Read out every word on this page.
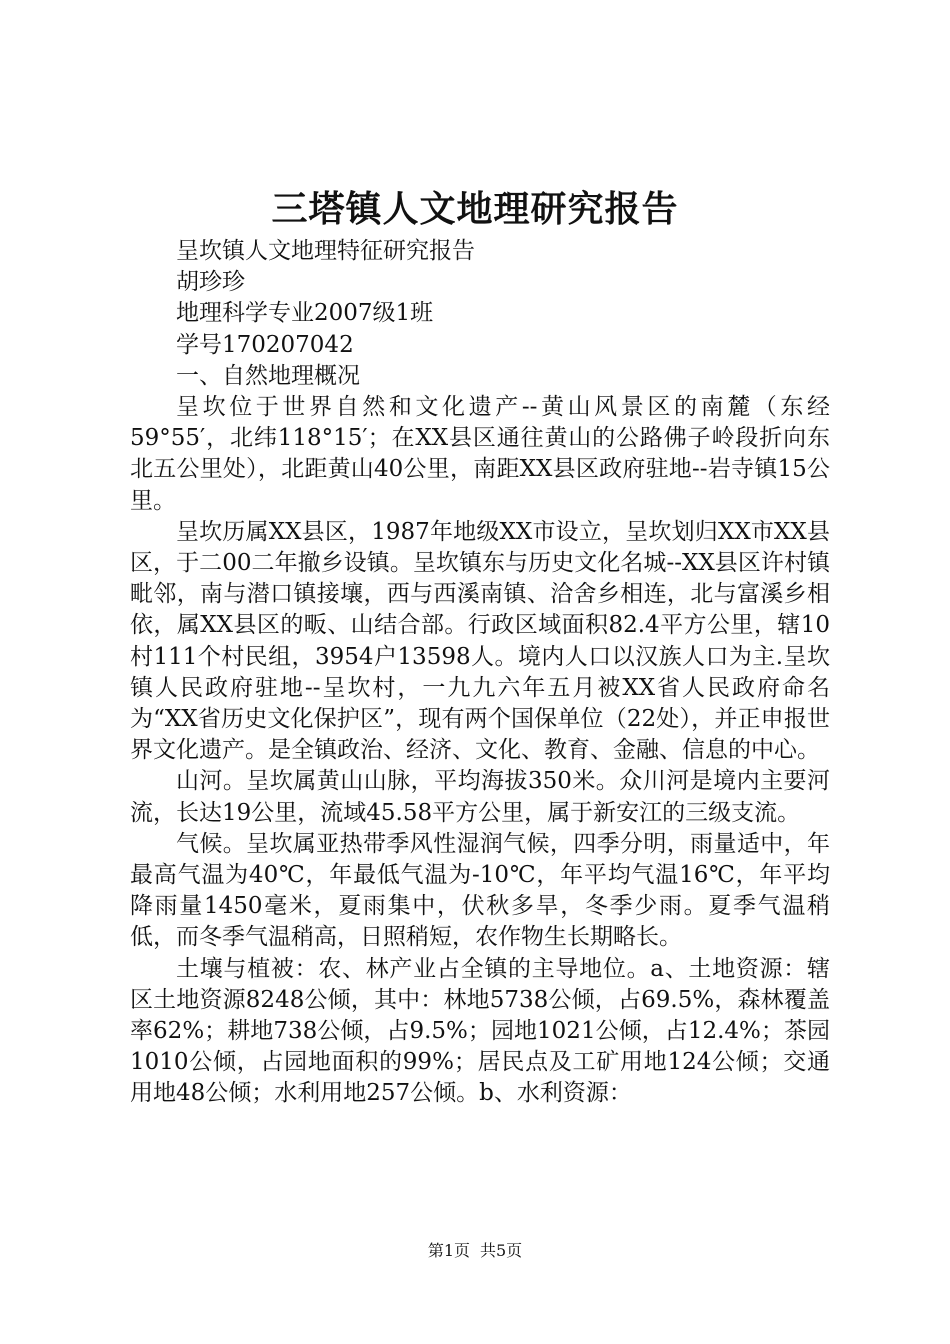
三塔镇人文地理研究报告

呈坎镇人文地理特征研究报告

胡珍珍

地理科学专业2007级1班

学号170207042

一、自然地理概况

呈坎位于世界自然和文化遗产--黄山风景区的南麓（东经59°55′，北纬118°15′；在XX县区通往黄山的公路佛子岭段折向东北五公里处），北距黄山40公里，南距XX县区政府驻地--岩寺镇15公里。

呈坎历属XX县区，1987年地级XX市设立，呈坎划归XX市XX县区，于二00二年撤乡设镇。呈坎镇东与历史文化名城--XX县区许村镇毗邻，南与潜口镇接壤，西与西溪南镇、洽舍乡相连，北与富溪乡相依，属XX县区的畈、山结合部。行政区域面积82.4平方公里，辖10村111个村民组，3954户13598人。境内人口以汉族人口为主.呈坎镇人民政府驻地--呈坎村，一九九六年五月被XX省人民政府命名为“XX省历史文化保护区”，现有两个国保单位（22处），并正申报世界文化遗产。是全镇政治、经济、文化、教育、金融、信息的中心。

山河。呈坎属黄山山脉，平均海拔350米。众川河是境内主要河流，长达19公里，流域45.58平方公里，属于新安江的三级支流。

气候。呈坎属亚热带季风性湿润气候，四季分明，雨量适中，年最高气温为40℃，年最低气温为-10℃，年平均气温16℃，年平均降雨量1450毫米，夏雨集中，伏秋多旱，冬季少雨。夏季气温稍低，而冬季气温稍高，日照稍短，农作物生长期略长。

土壤与植被：农、林产业占全镇的主导地位。a、土地资源：辖区土地资源8248公倾，其中：林地5738公倾，占69.5%，森林覆盖率62%；耕地738公倾，占9.5%；园地1021公倾，占12.4%；茶园1010公倾，占园地面积的99%；居民点及工矿用地124公倾；交通用地48公倾；水利用地257公倾。b、水利资源：

第1页 共5页
